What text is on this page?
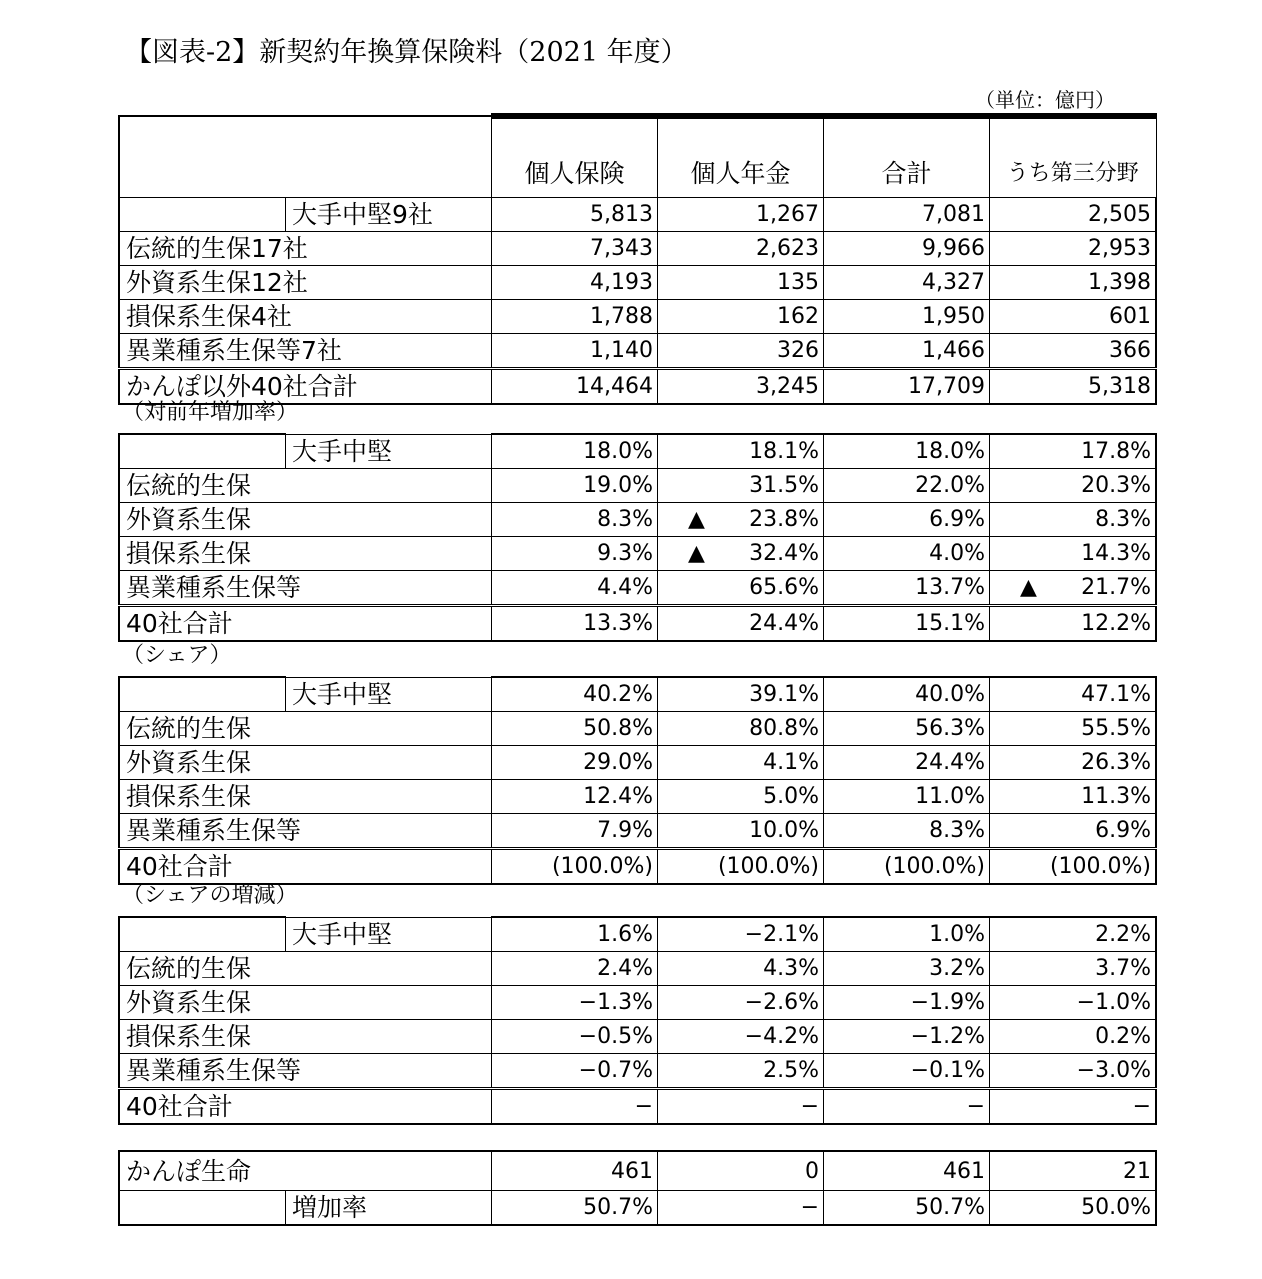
【図表-2】新契約年換算保険料（2021 年度）
（単位：億円）
		個人保険	個人年金	合計	うち第三分野
	大手中堅9社	5,813	1,267	7,081	2,505
伝統的生保17社		7,343	2,623	9,966	2,953
外資系生保12社		4,193	135	4,327	1,398
損保系生保4社		1,788	162	1,950	601
異業種系生保等7社		1,140	326	1,466	366
かんぽ以外40社合計		14,464	3,245	17,709	5,318
（対前年増加率）
	大手中堅	18.0%	18.1%	18.0%	17.8%
伝統的生保		19.0%	31.5%	22.0%	20.3%
外資系生保		8.3%	▲ 23.8%	6.9%	8.3%
損保系生保		9.3%	▲ 32.4%	4.0%	14.3%
異業種系生保等		4.4%	65.6%	13.7%	▲ 21.7%
40社合計		13.3%	24.4%	15.1%	12.2%
（シェア）
	大手中堅	40.2%	39.1%	40.0%	47.1%
伝統的生保		50.8%	80.8%	56.3%	55.5%
外資系生保		29.0%	4.1%	24.4%	26.3%
損保系生保		12.4%	5.0%	11.0%	11.3%
異業種系生保等		7.9%	10.0%	8.3%	6.9%
40社合計		(100.0%)	(100.0%)	(100.0%)	(100.0%)
（シェアの増減）
	大手中堅	1.6%	−2.1%	1.0%	2.2%
伝統的生保		2.4%	4.3%	3.2%	3.7%
外資系生保		−1.3%	−2.6%	−1.9%	−1.0%
損保系生保		−0.5%	−4.2%	−1.2%	0.2%
異業種系生保等		−0.7%	2.5%	−0.1%	−3.0%
40社合計		−	−	−	−
かんぽ生命		461	0	461	21
	増加率	50.7%	−	50.7%	50.0%
